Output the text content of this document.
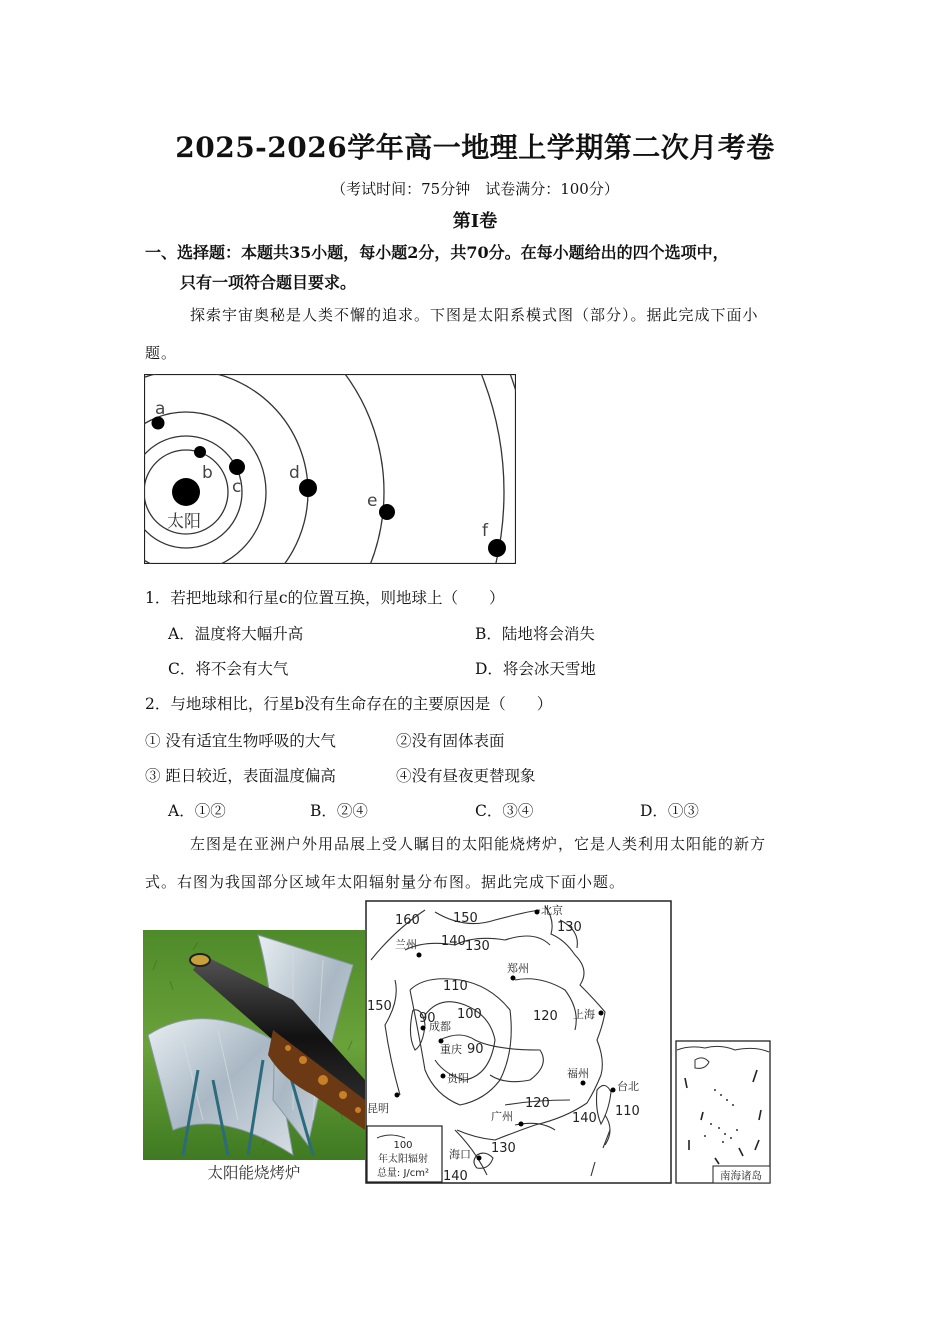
2025-2026学年高一地理上学期第二次月考卷
（考试时间：75分钟　试卷满分：100分）
第Ⅰ卷
一、选择题：本题共35小题，每小题2分，共70分。在每小题给出的四个选项中，
只有一项符合题目要求。
探索宇宙奥秘是人类不懈的追求。下图是太阳系模式图（部分）。据此完成下面小
题。
太阳
a
b
c
d
e
f
1．若把地球和行星c的位置互换，则地球上（　　）
A．温度将大幅升高	B．陆地将会消失
C．将不会有大气	D．将会冰天雪地
2．与地球相比，行星b没有生命存在的主要原因是（　　）
① 没有适宜生物呼吸的大气	②没有固体表面
③ 距日较近，表面温度偏高	④没有昼夜更替现象
A．①②	B．②④	C．③④	D．①③
左图是在亚洲户外用品展上受人瞩目的太阳能烧烤炉，它是人类利用太阳能的新方
式。右图为我国部分区域年太阳辐射量分布图。据此完成下面小题。
太阳能烧烤炉
100
年太阳辐射
总量: J/cm²
北京
兰州
郑州
上海
成都
重庆
贵阳	福州
台北
昆明
广州
海口
160	150
140 130
130
150
110
100
90
90
120
120
140 110
130
140	南海诸岛
